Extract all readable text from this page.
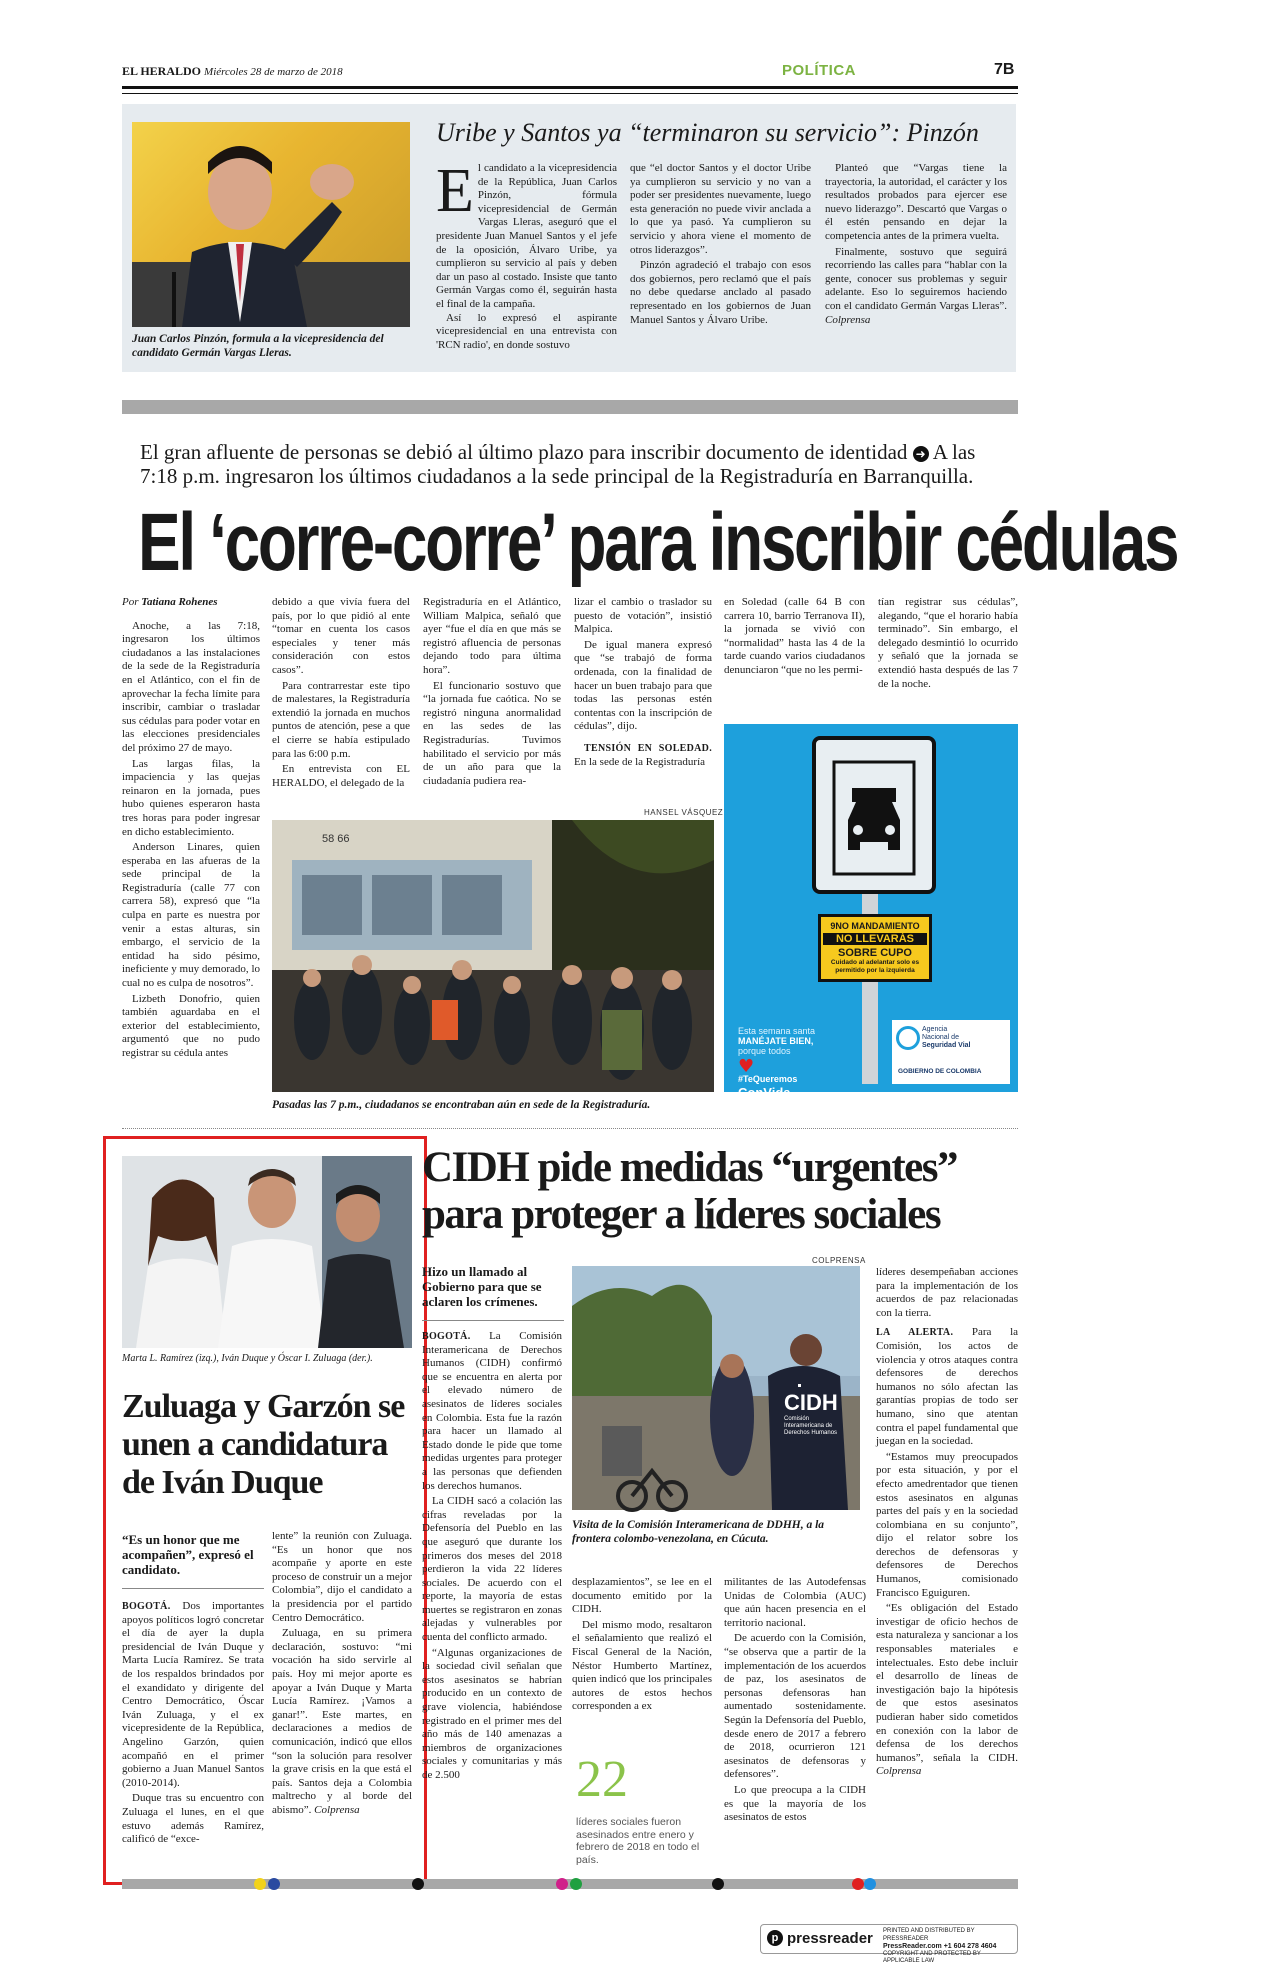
EL HERALDO Miércoles 28 de marzo de 2018	POLÍTICA	7B
Juan Carlos Pinzón, formula a la vicepresidencia del candidato Germán Vargas Lleras.
Uribe y Santos ya “terminaron su servicio”: Pinzón
E l candidato a la vicepresidencia de la República, Juan Carlos Pinzón, fórmula vicepresidencial de Germán Vargas Lleras, aseguró que el presidente Juan Manuel Santos y el jefe de la oposición, Álvaro Uribe, ya cumplieron su servicio al país y deben dar un paso al costado. Insiste que tanto Germán Vargas como él, seguirán hasta el final de la campaña.

Así lo expresó el aspirante vicepresidencial en una entrevista con 'RCN radio', en donde sostuvo

que “el doctor Santos y el doctor Uribe ya cumplieron su servicio y no van a poder ser presidentes nuevamente, luego esta generación no puede vivir anclada a lo que ya pasó. Ya cumplieron su servicio y ahora viene el momento de otros liderazgos”.

Pinzón agradeció el trabajo con esos dos gobiernos, pero reclamó que el país no debe quedarse anclado al pasado representado en los gobiernos de Juan Manuel Santos y Álvaro Uribe.

Planteó que “Vargas tiene la trayectoria, la autoridad, el carácter y los resultados probados para ejercer ese nuevo liderazgo”. Descartó que Vargas o él estén pensando en dejar la competencia antes de la primera vuelta.

Finalmente, sostuvo que seguirá recorriendo las calles para “hablar con la gente, conocer sus problemas y seguir adelante. Eso lo seguiremos haciendo con el candidato Germán Vargas Lleras”. Colprensa

El gran afluente de personas se debió al último plazo para inscribir documento de identidad ➜ A las 7:18 p.m. ingresaron los últimos ciudadanos a la sede principal de la Registraduría en Barranquilla.
El ‘corre-corre’ para inscribir cédulas

Por Tatiana Rohenes

Anoche, a las 7:18, ingresaron los últimos ciudadanos a las instalaciones de la sede de la Registraduría en el Atlántico, con el fin de aprovechar la fecha límite para inscribir, cambiar o trasladar sus cédulas para poder votar en las elecciones presidenciales del próximo 27 de mayo.

Las largas filas, la impaciencia y las quejas reinaron en la jornada, pues hubo quienes esperaron hasta tres horas para poder ingresar en dicho establecimiento.

Anderson Linares, quien esperaba en las afueras de la sede principal de la Registraduría (calle 77 con carrera 58), expresó que “la culpa en parte es nuestra por venir a estas alturas, sin embargo, el servicio de la entidad ha sido pésimo, ineficiente y muy demorado, lo cual no es culpa de nosotros”.

Lizbeth Donofrio, quien también aguardaba en el exterior del establecimiento, argumentó que no pudo registrar su cédula antes

debido a que vivía fuera del país, por lo que pidió al ente “tomar en cuenta los casos especiales y tener más consideración con estos casos”.

Para contrarrestar este tipo de malestares, la Registraduría extendió la jornada en muchos puntos de atención, pese a que el cierre se había estipulado para las 6:00 p.m.

En entrevista con EL HERALDO, el delegado de la

Registraduría en el Atlántico, William Malpica, señaló que ayer “fue el día en que más se registró afluencia de personas dejando todo para última hora”.

El funcionario sostuvo que “la jornada fue caótica. No se registró ninguna anormalidad en las sedes de las Registradurías. Tuvimos habilitado el servicio por más de un año para que la ciudadanía pudiera rea-

lizar el cambio o traslador su puesto de votación”, insistió Malpica.

De igual manera expresó que “se trabajó de forma ordenada, con la finalidad de hacer un buen trabajo para que todas las personas estén contentas con la inscripción de cédulas”, dijo.

TENSIÓN EN SOLEDAD. En la sede de la Registraduría

en Soledad (calle 64 B con carrera 10, barrio Terranova II), la jornada se vivió con “normalidad” hasta las 4 de la tarde cuando varios ciudadanos denunciaron “que no les permi-

tían registrar sus cédulas”, alegando, “que el horario había terminado”. Sin embargo, el delegado desmintió lo ocurrido y señaló que la jornada se extendió hasta después de las 7 de la noche.

HANSEL VÁSQUEZ
58 66
Pasadas las 7 p.m., ciudadanos se encontraban aún en sede de la Registraduría.
9NO MANDAMIENTO
NO LLEVARÁS
SOBRE CUPO
Cuidado al adelantar solo es permitido por la izquierda
Esta semana santa
MANÉJATE BIEN,
porque todos
♥
#TeQueremos
ConVida
Agencia
Nacional de
Seguridad Vial
GOBIERNO DE COLOMBIA
Marta L. Ramírez (izq.), Iván Duque y Óscar I. Zuluaga (der.).
Zuluaga y Garzón se unen a candidatura de Iván Duque
“Es un honor que me acompañen”, expresó el candidato.

BOGOTÁ. Dos importantes apoyos políticos logró concretar el día de ayer la dupla presidencial de Iván Duque y Marta Lucía Ramírez. Se trata de los respaldos brindados por el exandidato y dirigente del Centro Democrático, Óscar Iván Zuluaga, y el ex vicepresidente de la República, Angelino Garzón, quien acompañó en el primer gobierno a Juan Manuel Santos (2010-2014).

Duque tras su encuentro con Zuluaga el lunes, en el que estuvo además Ramírez, calificó de “exce-

lente” la reunión con Zuluaga. “Es un honor que nos acompañe y aporte en este proceso de construir un a mejor Colombia”, dijo el candidato a la presidencia por el partido Centro Democrático.

Zuluaga, en su primera declaración, sostuvo: “mi vocación ha sido servirle al país. Hoy mi mejor aporte es apoyar a Iván Duque y Marta Lucía Ramírez. ¡Vamos a ganar!”. Este martes, en declaraciones a medios de comunicación, indicó que ellos “son la solución para resolver la grave crisis en la que está el país. Santos deja a Colombia maltrecho y al borde del abismo”. Colprensa

CIDH pide medidas “urgentes” para proteger a líderes sociales
Hizo un llamado al Gobierno para que se aclaren los crímenes.

BOGOTÁ. La Comisión Interamericana de Derechos Humanos (CIDH) confirmó que se encuentra en alerta por el elevado número de asesinatos de líderes sociales en Colombia. Esta fue la razón para hacer un llamado al Estado donde le pide que tome medidas urgentes para proteger a las personas que defienden los derechos humanos.

La CIDH sacó a colación las cifras reveladas por la Defensoría del Pueblo en las que aseguró que durante los primeros dos meses del 2018 perdieron la vida 22 líderes sociales. De acuerdo con el reporte, la mayoría de estas muertes se registraron en zonas alejadas y vulnerables por cuenta del conflicto armado.

“Algunas organizaciones de la sociedad civil señalan que estos asesinatos se habrían producido en un contexto de grave violencia, habiéndose registrado en el primer mes del año más de 140 amenazas a miembros de organizaciones sociales y comunitarias y más de 2.500

COLPRENSA
CIDH
Comisión Interamericana de Derechos Humanos
Visita de la Comisión Interamericana de DDHH, a la frontera colombo-venezolana, en Cúcuta.

desplazamientos”, se lee en el documento emitido por la CIDH.

Del mismo modo, resaltaron el señalamiento que realizó el Fiscal General de la Nación, Néstor Humberto Martínez, quien indicó que los principales autores de estos hechos corresponden a ex

22
líderes sociales fueron asesinados entre enero y febrero de 2018 en todo el país.

militantes de las Autodefensas Unidas de Colombia (AUC) que aún hacen presencia en el territorio nacional.

De acuerdo con la Comisión, “se observa que a partir de la implementación de los acuerdos de paz, los asesinatos de personas defensoras han aumentado sostenidamente. Según la Defensoría del Pueblo, desde enero de 2017 a febrero de 2018, ocurrieron 121 asesinatos de defensoras y defensores”.

Lo que preocupa a la CIDH es que la mayoría de los asesinatos de estos

líderes desempeñaban acciones para la implementación de los acuerdos de paz relacionadas con la tierra.

LA ALERTA. Para la Comisión, los actos de violencia y otros ataques contra defensores de derechos humanos no sólo afectan las garantías propias de todo ser humano, sino que atentan contra el papel fundamental que juegan en la sociedad.

“Estamos muy preocupados por esta situación, y por el efecto amedrentador que tienen estos asesinatos en algunas partes del país y en la sociedad colombiana en su conjunto”, dijo el relator sobre los derechos de defensoras y defensores de Derechos Humanos, comisionado Francisco Eguiguren.

“Es obligación del Estado investigar de oficio hechos de esta naturaleza y sancionar a los responsables materiales e intelectuales. Esto debe incluir el desarrollo de líneas de investigación bajo la hipótesis de que estos asesinatos pudieran haber sido cometidos en conexión con la labor de defensa de los derechos humanos”, señala la CIDH. Colprensa

p pressreader PRINTED AND DISTRIBUTED BY PRESSREADER
PressReader.com +1 604 278 4604
COPYRIGHT AND PROTECTED BY APPLICABLE LAW
